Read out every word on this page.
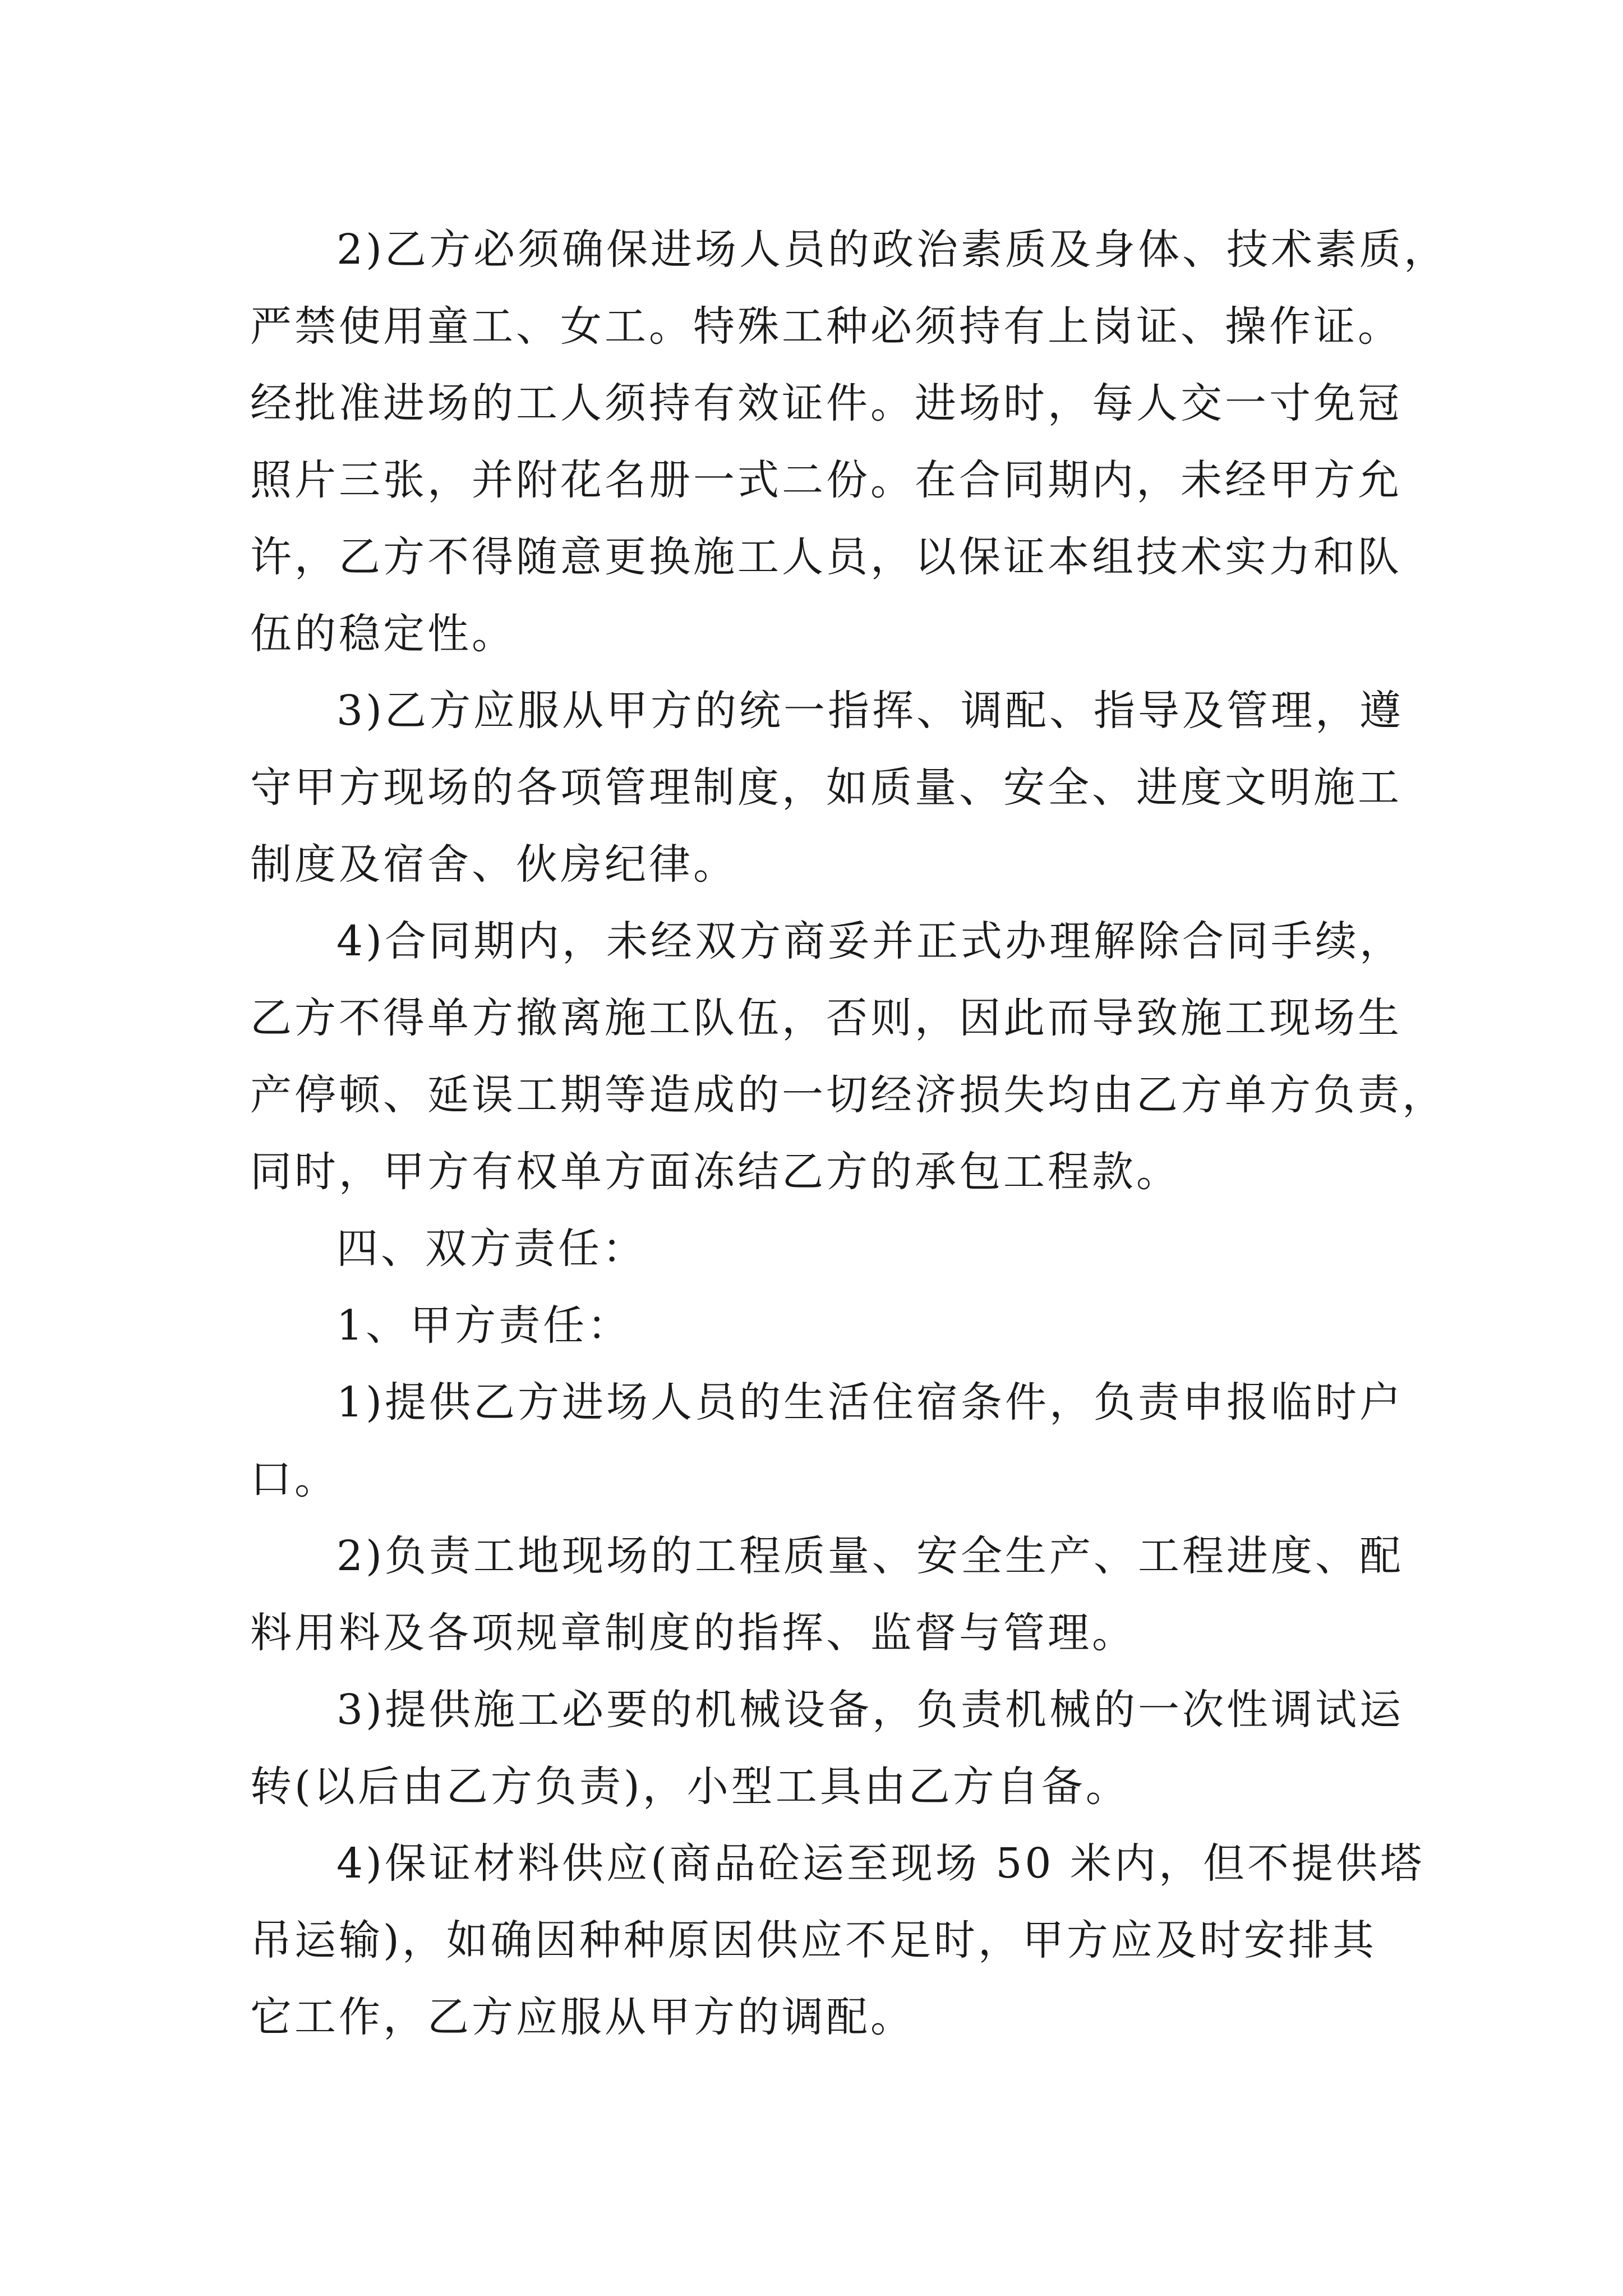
2)乙方必须确保进场人员的政治素质及身体、技术素质，
严禁使用童工、女工。特殊工种必须持有上岗证、操作证。
经批准进场的工人须持有效证件。进场时，每人交一寸免冠
照片三张，并附花名册一式二份。在合同期内，未经甲方允
许，乙方不得随意更换施工人员，以保证本组技术实力和队
伍的稳定性。
3)乙方应服从甲方的统一指挥、调配、指导及管理，遵
守甲方现场的各项管理制度，如质量、安全、进度文明施工
制度及宿舍、伙房纪律。
4)合同期内，未经双方商妥并正式办理解除合同手续，
乙方不得单方撤离施工队伍，否则，因此而导致施工现场生
产停顿、延误工期等造成的一切经济损失均由乙方单方负责，
同时，甲方有权单方面冻结乙方的承包工程款。
四、双方责任：
1、甲方责任：
1)提供乙方进场人员的生活住宿条件，负责申报临时户
口。
2)负责工地现场的工程质量、安全生产、工程进度、配
料用料及各项规章制度的指挥、监督与管理。
3)提供施工必要的机械设备，负责机械的一次性调试运
转(以后由乙方负责)，小型工具由乙方自备。
4)保证材料供应(商品砼运至现场 50 米内，但不提供塔
吊运输)，如确因种种原因供应不足时，甲方应及时安排其
它工作，乙方应服从甲方的调配。
